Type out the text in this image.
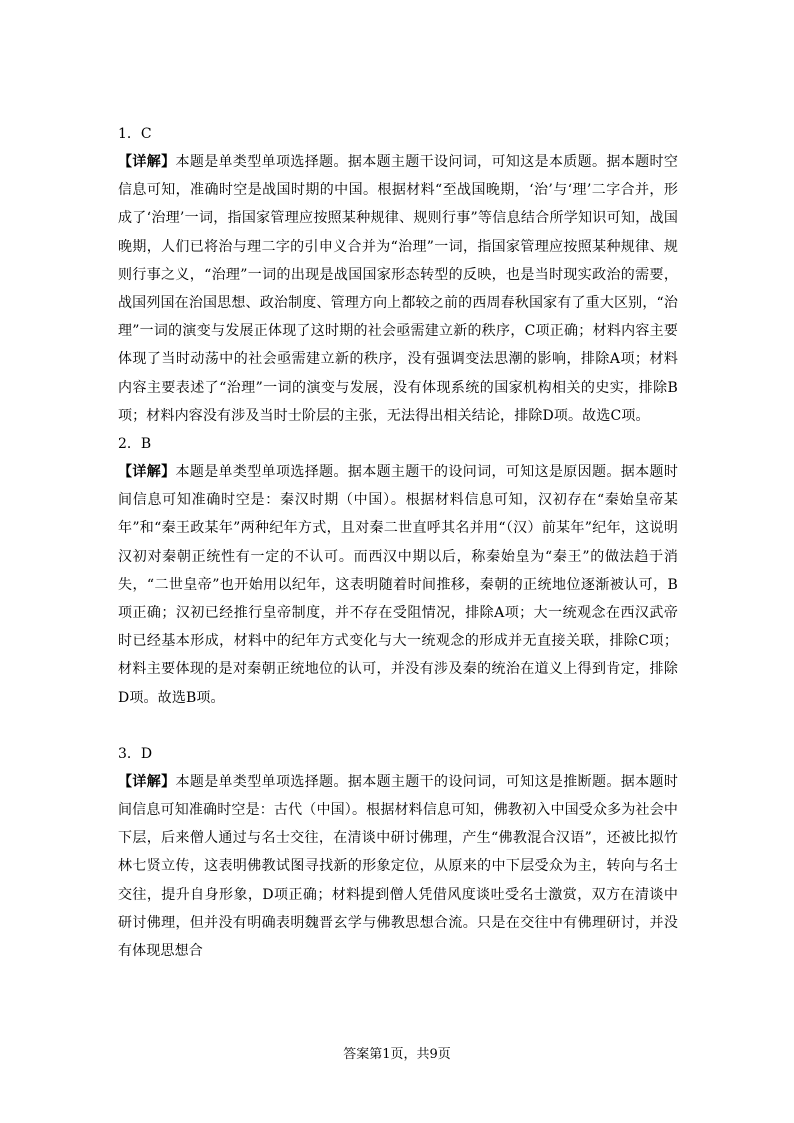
1．C

【详解】本题是单类型单项选择题。据本题主题干设问词，可知这是本质题。据本题时空信息可知，准确时空是战国时期的中国。根据材料“至战国晚期，‘治’与‘理’二字合并，形成了‘治理’一词，指国家管理应按照某种规律、规则行事”等信息结合所学知识可知，战国晚期，人们已将治与理二字的引申义合并为“治理”一词，指国家管理应按照某种规律、规则行事之义，“治理”一词的出现是战国国家形态转型的反映，也是当时现实政治的需要，战国列国在治国思想、政治制度、管理方向上都较之前的西周春秋国家有了重大区别，“治理”一词的演变与发展正体现了这时期的社会亟需建立新的秩序，C项正确；材料内容主要体现了当时动荡中的社会亟需建立新的秩序，没有强调变法思潮的影响，排除A项；材料内容主要表述了“治理”一词的演变与发展，没有体现系统的国家机构相关的史实，排除B项；材料内容没有涉及当时士阶层的主张，无法得出相关结论，排除D项。故选C项。

2．B

【详解】本题是单类型单项选择题。据本题主题干的设问词，可知这是原因题。据本题时间信息可知准确时空是：秦汉时期（中国）。根据材料信息可知，汉初存在“秦始皇帝某年”和“秦王政某年”两种纪年方式，且对秦二世直呼其名并用“（汉）前某年”纪年，这说明汉初对秦朝正统性有一定的不认可。而西汉中期以后，称秦始皇为“秦王”的做法趋于消失，“二世皇帝”也开始用以纪年，这表明随着时间推移，秦朝的正统地位逐渐被认可，B项正确；汉初已经推行皇帝制度，并不存在受阻情况，排除A项；大一统观念在西汉武帝时已经基本形成，材料中的纪年方式变化与大一统观念的形成并无直接关联，排除C项；材料主要体现的是对秦朝正统地位的认可，并没有涉及秦的统治在道义上得到肯定，排除D项。故选B项。

3．D

【详解】本题是单类型单项选择题。据本题主题干的设问词，可知这是推断题。据本题时间信息可知准确时空是：古代（中国）。根据材料信息可知，佛教初入中国受众多为社会中下层，后来僧人通过与名士交往，在清谈中研讨佛理，产生“佛教混合汉语”，还被比拟竹林七贤立传，这表明佛教试图寻找新的形象定位，从原来的中下层受众为主，转向与名士交往，提升自身形象，D项正确；材料提到僧人凭借风度谈吐受名士激赏，双方在清谈中研讨佛理，但并没有明确表明魏晋玄学与佛教思想合流。只是在交往中有佛理研讨，并没有体现思想合

答案第1页，共9页
